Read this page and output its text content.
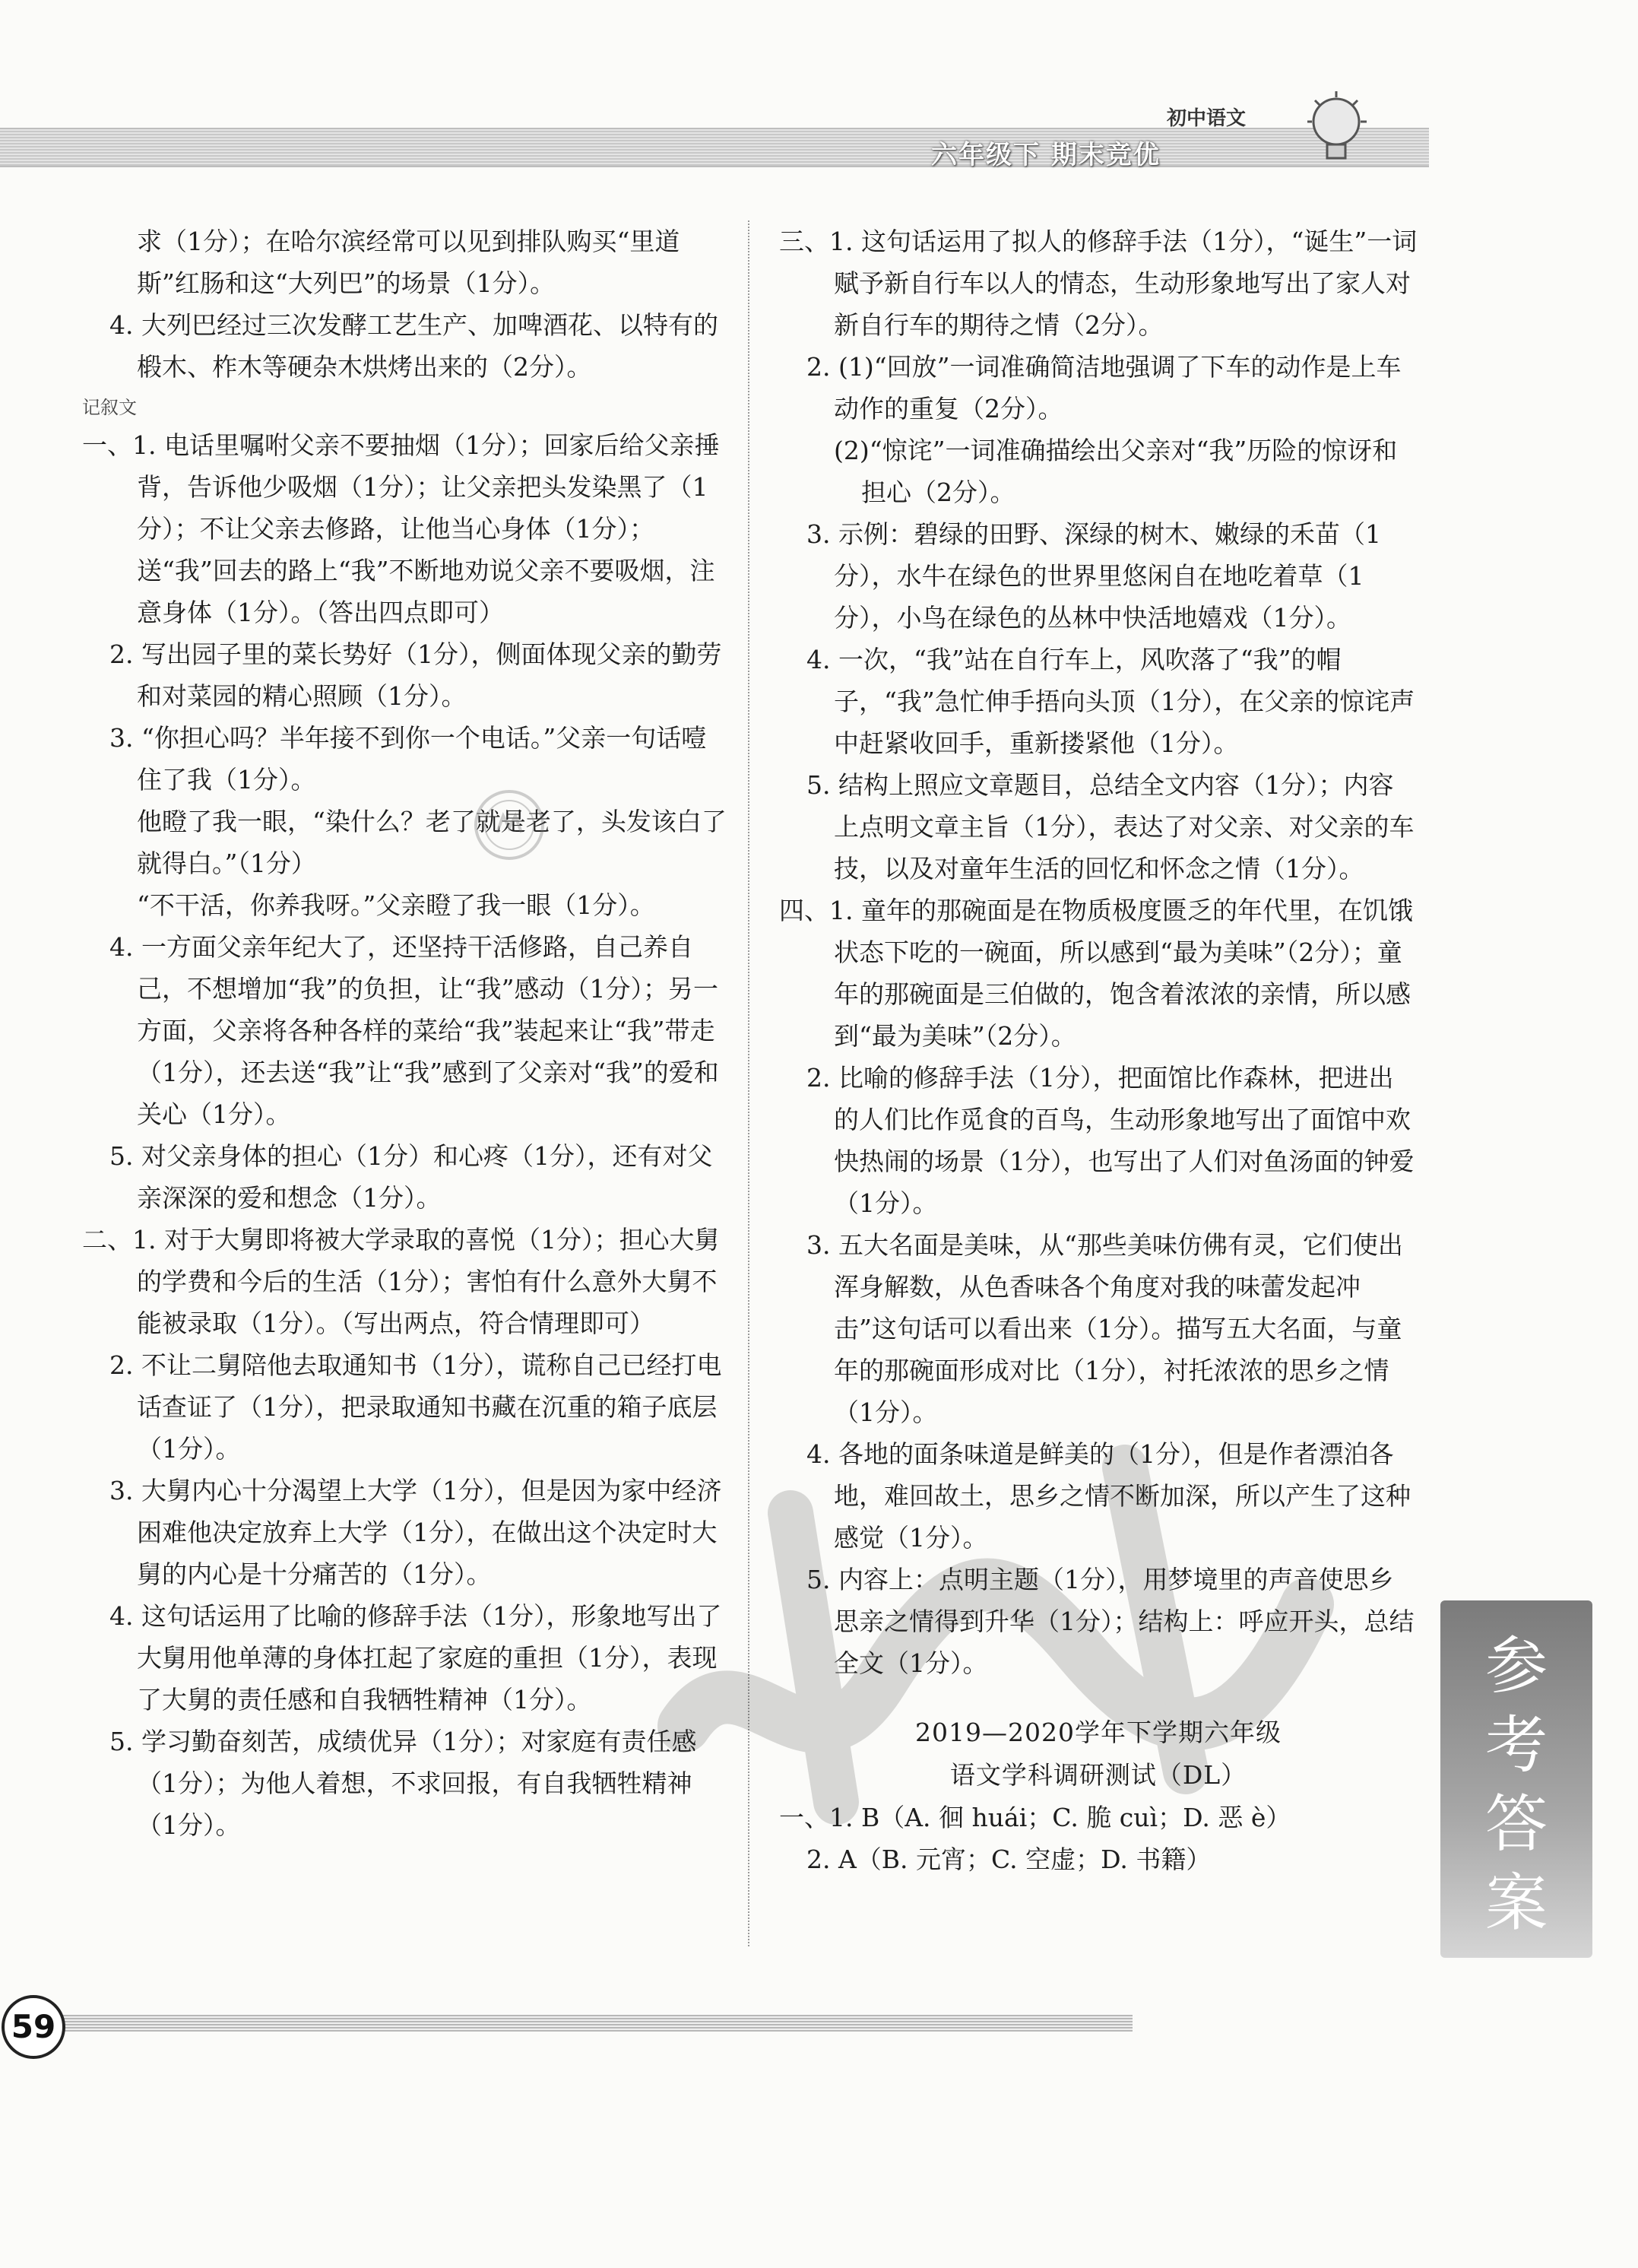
初中语文
六年级下 期末竞优

求（1分）；在哈尔滨经常可以见到排队购买“里道斯”红肠和这“大列巴”的场景（1分）。

4. 大列巴经过三次发酵工艺生产、加啤酒花、以特有的椴木、柞木等硬杂木烘烤出来的（2分）。

记叙文

一、1. 电话里嘱咐父亲不要抽烟（1分）；回家后给父亲捶背，告诉他少吸烟（1分）；让父亲把头发染黑了（1分）；不让父亲去修路，让他当心身体（1分）；送“我”回去的路上“我”不断地劝说父亲不要吸烟，注意身体（1分）。（答出四点即可）

2. 写出园子里的菜长势好（1分），侧面体现父亲的勤劳和对菜园的精心照顾（1分）。

3. “你担心吗？半年接不到你一个电话。”父亲一句话噎住了我（1分）。

他瞪了我一眼，“染什么？老了就是老了，头发该白了就得白。”（1分）

“不干活，你养我呀。”父亲瞪了我一眼（1分）。

4. 一方面父亲年纪大了，还坚持干活修路，自己养自己，不想增加“我”的负担，让“我”感动（1分）；另一方面，父亲将各种各样的菜给“我”装起来让“我”带走（1分），还去送“我”让“我”感到了父亲对“我”的爱和关心（1分）。

5. 对父亲身体的担心（1分）和心疼（1分），还有对父亲深深的爱和想念（1分）。

二、1. 对于大舅即将被大学录取的喜悦（1分）；担心大舅的学费和今后的生活（1分）；害怕有什么意外大舅不能被录取（1分）。（写出两点，符合情理即可）

2. 不让二舅陪他去取通知书（1分），谎称自己已经打电话查证了（1分），把录取通知书藏在沉重的箱子底层（1分）。

3. 大舅内心十分渴望上大学（1分），但是因为家中经济困难他决定放弃上大学（1分），在做出这个决定时大舅的内心是十分痛苦的（1分）。

4. 这句话运用了比喻的修辞手法（1分），形象地写出了大舅用他单薄的身体扛起了家庭的重担（1分），表现了大舅的责任感和自我牺牲精神（1分）。

5. 学习勤奋刻苦，成绩优异（1分）；对家庭有责任感（1分）；为他人着想，不求回报，有自我牺牲精神（1分）。

三、1. 这句话运用了拟人的修辞手法（1分），“诞生”一词赋予新自行车以人的情态，生动形象地写出了家人对新自行车的期待之情（2分）。

2. (1)“回放”一词准确简洁地强调了下车的动作是上车动作的重复（2分）。

(2)“惊诧”一词准确描绘出父亲对“我”历险的惊讶和担心（2分）。

3. 示例：碧绿的田野、深绿的树木、嫩绿的禾苗（1分），水牛在绿色的世界里悠闲自在地吃着草（1分），小鸟在绿色的丛林中快活地嬉戏（1分）。

4. 一次，“我”站在自行车上，风吹落了“我”的帽子，“我”急忙伸手捂向头顶（1分），在父亲的惊诧声中赶紧收回手，重新搂紧他（1分）。

5. 结构上照应文章题目，总结全文内容（1分）；内容上点明文章主旨（1分），表达了对父亲、对父亲的车技，以及对童年生活的回忆和怀念之情（1分）。

四、1. 童年的那碗面是在物质极度匮乏的年代里，在饥饿状态下吃的一碗面，所以感到“最为美味”（2分）；童年的那碗面是三伯做的，饱含着浓浓的亲情，所以感到“最为美味”（2分）。

2. 比喻的修辞手法（1分），把面馆比作森林，把进出的人们比作觅食的百鸟，生动形象地写出了面馆中欢快热闹的场景（1分），也写出了人们对鱼汤面的钟爱（1分）。

3. 五大名面是美味，从“那些美味仿佛有灵，它们使出浑身解数，从色香味各个角度对我的味蕾发起冲击”这句话可以看出来（1分）。描写五大名面，与童年的那碗面形成对比（1分），衬托浓浓的思乡之情（1分）。

4. 各地的面条味道是鲜美的（1分），但是作者漂泊各地，难回故土，思乡之情不断加深，所以产生了这种感觉（1分）。

5. 内容上：点明主题（1分），用梦境里的声音使思乡思亲之情得到升华（1分）；结构上：呼应开头，总结全文（1分）。

2019—2020学年下学期六年级

语文学科调研测试（DL）

一、1. B（A. 徊 huái；C. 脆 cuì；D. 恶 è）

2. A（B. 元宵；C. 空虚；D. 书籍）

参考答案
59
